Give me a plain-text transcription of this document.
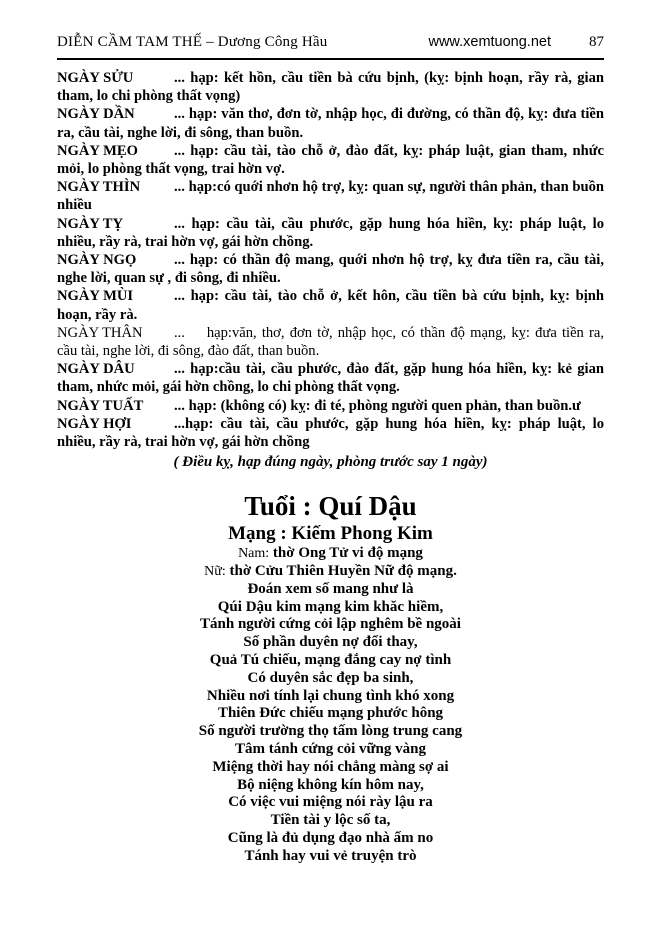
DIỄN CẦM TAM THẾ – Dương Công Hầu	www.xemtuong.net	87

NGÀY SỬU	... hạp: kết hồn, cầu tiền bà cứu bịnh, (kỵ: bịnh hoạn, rầy rà, gian tham, lo chi phòng thất vọng)

NGÀY DẦN	... hạp: văn thơ, đơn tờ, nhập học, đi đường, có thần độ, kỵ: đưa tiền ra, cầu tài, nghe lời, đi sông, than buồn.

NGÀY MẸO ... hạp: cầu tài, tào chỗ ở, đào đất, kỵ: pháp luật, gian tham, nhức mỏi, lo phòng thất vọng, trai hờn vợ.

NGÀY THÌN ... hạp:có quới nhơn hộ trợ, kỵ: quan sự, người thân phản, than buồn nhiều

NGÀY TỴ	... hạp: cầu tài, cầu phước, gặp hung hóa hiền, kỵ: pháp luật, lo nhiều, rầy rà, trai hờn vợ, gái hờn chồng.

NGÀY NGỌ	... hạp: có thần độ mang, quới nhơn hộ trợ, kỵ đưa tiền ra, cầu tài, nghe lời, quan sự , đi sông, đi nhiều.

NGÀY MÙI	... hạp: cầu tài, tào chỗ ở, kết hôn, cầu tiền bà cứu bịnh, kỵ: bịnh hoạn, rầy rà.

NGÀY THÂN ...  hạp:văn, thơ, đơn tờ, nhập học, có thần độ mạng, kỵ: đưa tiền ra, cầu tài, nghe lời, đi sông, đào đất, than buồn.

NGÀY DÂU	... hạp:cầu tài, cầu phước, đào đất, gặp hung hóa hiền, kỵ: kẻ gian tham, nhức mỏi, gái hờn chồng, lo chi phòng thất vọng.

NGÀY TUẤT ... hạp: (không có) kỵ: đi té, phòng người quen phản, than buồn.ư

NGÀY HỢI	...hạp: cầu tài, cầu phước, gặp hung hóa hiền, kỵ: pháp luật, lo nhiều, rầy rà, trai hờn vợ, gái hờn chồng

( Điều kỵ, hạp đúng ngày, phòng trước say 1 ngày)
Tuổi : Quí Dậu
Mạng : Kiếm Phong Kim
Nam: thờ Ong Tử vi độ mạng
Nữ: thờ Cửu Thiên Huyền Nữ độ mạng.
Đoán xem số mang như là
Qúi Dậu kim mạng kim khăc hiềm,
Tánh người cứng cỏi lập nghêm bề ngoài
Số phần duyên nợ đổi thay,
Quả Tú chiếu, mạng đắng cay nợ tình
Có duyên sắc đẹp ba sinh,
Nhiều nơi tính lại chung tình khó xong
Thiên Đức chiếu mạng phước hông
Số người trường thọ tấm lòng trung cang
Tâm tánh cứng cỏi vững vàng
Miệng thời hay nói chẳng màng sợ ai
Bộ niệng không kín hôm nay,
Có việc vui miệng nói rày lậu ra
Tiền tài y lộc số ta,
Cũng là đủ dụng đạo nhà ấm no
Tánh hay vui vẻ truyện trò
